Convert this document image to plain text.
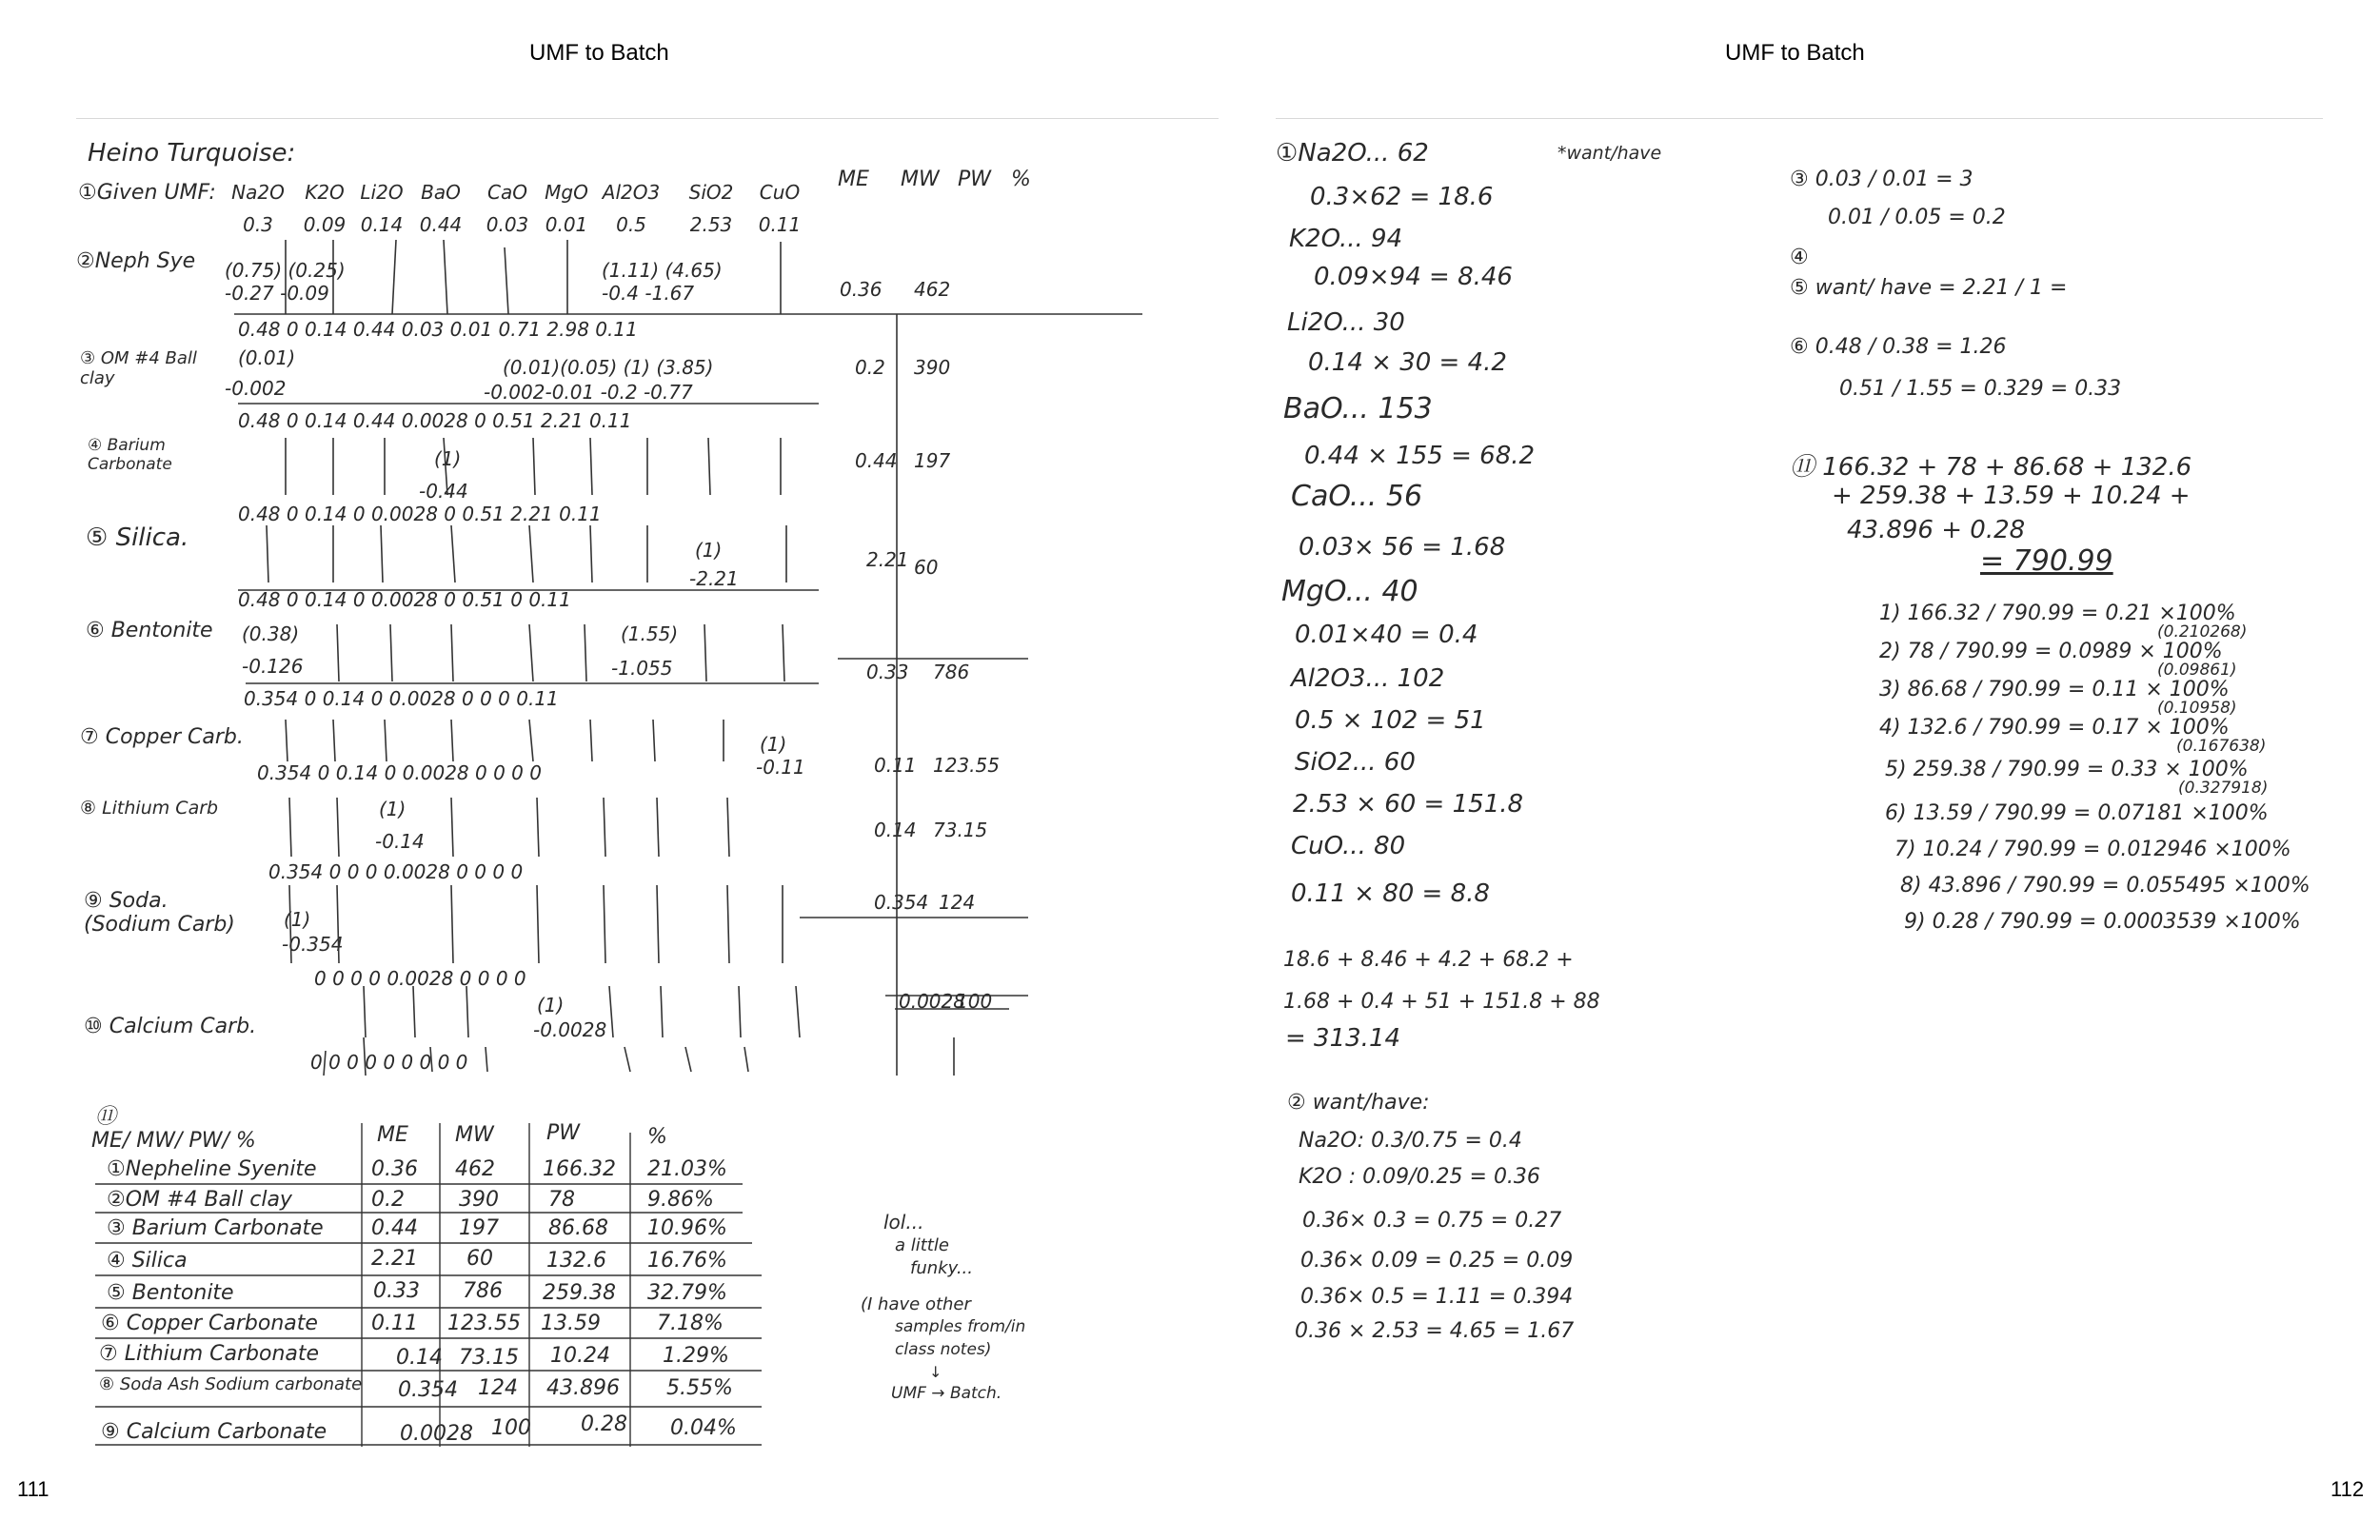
UMF to Batch	UMF to Batch
111	112
Heino Turquoise:
①Given UMF: Na2O	K2O Li2O BaO	CaO MgO Al2O3	SiO2	CuO
0.3	0.09 0.14 0.44	0.03 0.01	0.5	2.53	0.11
ME MW PW %
②Neph Sye (0.75) (0.25)
-0.27 -0.09
(1.11) (4.65)
-0.4 -1.67
0.48 0 0.14 0.44 0.03 0.01 0.71 2.98 0.11
0.36 462
③ OM #4 Ball clay
(0.01)
-0.002
(0.01)(0.05) (1) (3.85)
-0.002-0.01 -0.2 -0.77
0.48 0 0.14 0.44 0.0028 0 0.51 2.21 0.11
0.2 390
④ Barium Carbonate	(1)
-0.44
0.48 0 0.14 0 0.0028 0 0.51 2.21 0.11
0.44 197
⑤ Silica.	(1)
-2.21
0.48 0 0.14 0 0.0028 0 0.51 0 0.11
2.21 60
⑥ Bentonite (0.38)
-0.126
(1.55)
-1.055
0.354 0 0.14 0 0.0028 0 0 0 0.11
0.33 786
⑦ Copper Carb.	(1)
-0.11
0.354 0 0.14 0 0.0028 0 0 0 0	0.11 123.55
⑧ Lithium Carb	(1)
-0.14
0.354 0 0 0 0.0028 0 0 0 0
0.14 73.15
⑨ Soda. (Sodium Carb)	(1)
-0.354
0 0 0 0 0.0028 0 0 0 0
0.354 124
⑩ Calcium Carb.
(1)
-0.0028
0 0 0 0 0 0 0 0 0
0.0028
100
⑪
ME/ MW/ PW/ %	ME MW	PW	%
①Nepheline Syenite	0.36 462 166.32 21.03%
②OM #4 Ball clay	0.2	390 78	9.86%
③ Barium Carbonate 0.44 197 86.68 10.96%
④ Silica	2.21 60	132.6 16.76%
⑤ Bentonite	0.33 786 259.38 32.79%
⑥ Copper Carbonate	0.11 123.55 13.59	7.18%
⑦ Lithium Carbonate	0.14 73.15 10.24	1.29%
⑧ Soda Ash Sodium carbonate 0.354 124 43.896 5.55%
⑨ Calcium Carbonate	0.0028 100 0.28 0.04%
lol...
a little
funky...
(I have other
samples from/in
class notes)
↓
UMF → Batch.
①Na2O... 62
0.3×62 = 18.6
K2O... 94
0.09×94 = 8.46
Li2O... 30
0.14 × 30 = 4.2
BaO... 153
0.44 × 155 = 68.2
CaO... 56
0.03× 56 = 1.68
MgO... 40
0.01×40 = 0.4
Al2O3... 102
0.5 × 102 = 51
SiO2... 60
2.53 × 60 = 151.8
CuO... 80
0.11 × 80 = 8.8
*want/have
18.6 + 8.46 + 4.2 + 68.2 +
1.68 + 0.4 + 51 + 151.8 + 88
= 313.14
② want/have:
Na2O: 0.3/0.75 = 0.4
K2O : 0.09/0.25 = 0.36
0.36× 0.3 = 0.75 = 0.27
0.36× 0.09 = 0.25 = 0.09
0.36× 0.5 = 1.11 = 0.394
0.36 × 2.53 = 4.65 = 1.67
③ 0.03 / 0.01 = 3
0.01 / 0.05 = 0.2
④
⑤ want/ have = 2.21 / 1 =
⑥ 0.48 / 0.38 = 1.26
0.51 / 1.55 = 0.329 = 0.33
⑪ 166.32 + 78 + 86.68 + 132.6
+ 259.38 + 13.59 + 10.24 +
43.896 + 0.28
= 790.99
1) 166.32 / 790.99 = 0.21 ×100%
(0.210268)
2) 78 / 790.99 = 0.0989 × 100%
(0.09861)
3) 86.68 / 790.99 = 0.11 × 100%
(0.10958)
4) 132.6 / 790.99 = 0.17 × 100%
(0.167638)
5) 259.38 / 790.99 = 0.33 × 100%
(0.327918)
6) 13.59 / 790.99 = 0.07181 ×100%
7) 10.24 / 790.99 = 0.012946 ×100%
8) 43.896 / 790.99 = 0.055495 ×100%
9) 0.28 / 790.99 = 0.0003539 ×100%
